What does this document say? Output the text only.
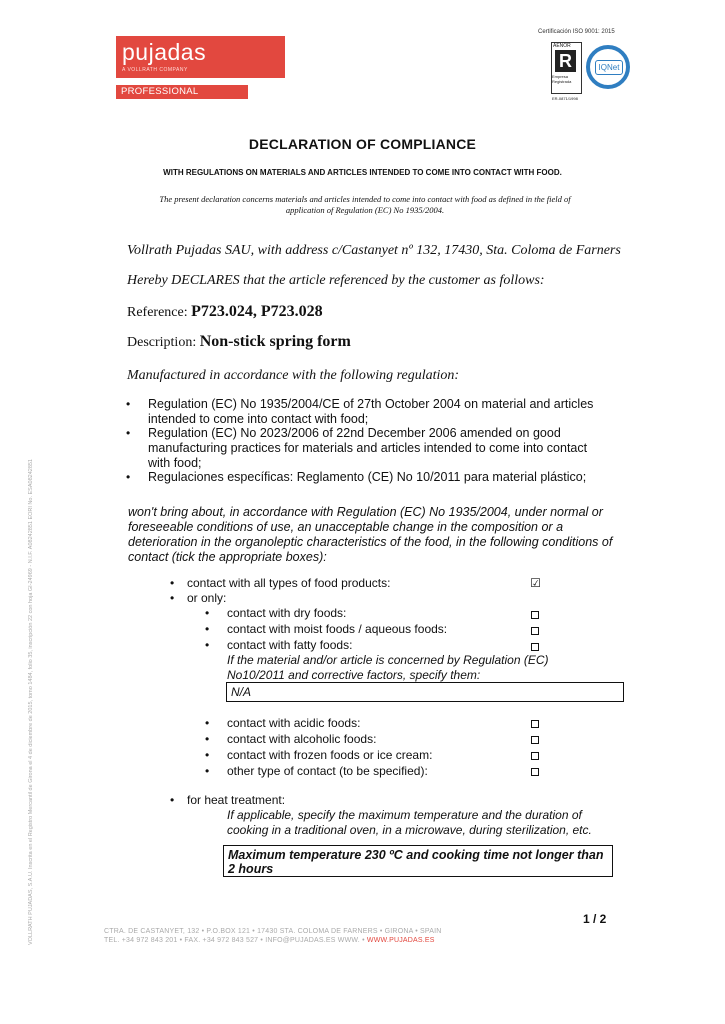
pujadas
A VOLLRATH COMPANY
PROFESSIONAL COOKWARE
Certificación ISO 9001: 2015
AENOR
R
Empresa Registrada
ER-0871/1998
IQNet
DECLARATION OF COMPLIANCE
WITH REGULATIONS ON MATERIALS AND ARTICLES INTENDED TO COME INTO CONTACT WITH FOOD.
The present declaration concerns materials and articles intended to come into contact with food as defined in the field of application of Regulation (EC) No 1935/2004.
Vollrath Pujadas SAU, with address c/Castanyet nº 132, 17430, Sta. Coloma de Farners
Hereby DECLARES that the article referenced by the customer as follows:
Reference: P723.024, P723.028
Description: Non-stick spring form
Manufactured in accordance with the following regulation:
• Regulation (EC) No 1935/2004/CE of 27th October 2004 on material and articles intended to come into contact with food;
• Regulation (EC) No 2023/2006 of 22nd December 2006 amended on good manufacturing practices for materials and articles intended to come into contact with food;
• Regulaciones específicas: Reglamento (CE) No 10/2011 para material plástico;
won't bring about, in accordance with Regulation (EC) No 1935/2004, under normal or foreseeable conditions of use, an unacceptable change in the composition or a deterioration in the organoleptic characteristics of the food, in the following conditions of contact (tick the appropriate boxes):
• contact with all types of food products:	☑
• or only:
• contact with dry foods:
• contact with moist foods / aqueous foods:
• contact with fatty foods:
If the material and/or article is concerned by Regulation (EC) No10/2011 and corrective factors, specify them:
N/A
• contact with acidic foods:
• contact with alcoholic foods:
• contact with frozen foods or ice cream:
• other type of contact (to be specified):
• for heat treatment:
If applicable, specify the maximum temperature and the duration of cooking in a traditional oven, in a microwave, during sterilization, etc.
Maximum temperature 230 ºC and cooking time not longer than 2 hours
1 / 2
CTRA. DE CASTANYET, 132 • P.O.BOX 121 • 17430 STA. COLOMA DE FARNERS • GIRONA • SPAIN
TEL. +34 972 843 201 • FAX. +34 972 843 527 • INFO@PUJADAS.ES WWW. • WWW.PUJADAS.ES
VOLLRATH PUJADAS, S.A.U. Inscrita en el Registro Mercantil de Girona el 4 de diciembre de 2015, tomo 1484, folio 35, inscripción 22 con hoja GI-24969 - N.I.F. A08242851 EORI No. ESA08242851
